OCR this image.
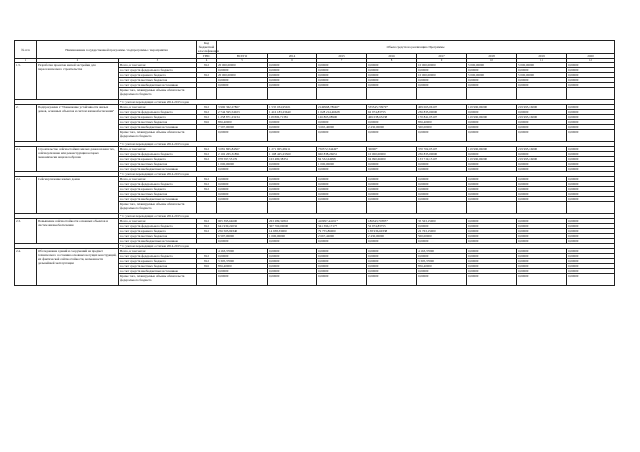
№ п/п	Наименование государственной программы / подпрограммы / мероприятия		Код бюджетной классификации	Объем средств на реализацию Программы							
			ГРБС	ВСЕГО	2014	2015	2016	2017	2018	2019	2020
1	2	3	4	5	6	7	8	9	10	11	12
1.5.	Разработка проектов жилой застройки для переселенческого строительства	Всего, в том числе:	812	20 000,00000	0,00000	0,00000	0,00000	10 000,00000	5 000,00000	5 000,00000	0,00000
		за счет средств федерального бюджета		0,00000	0,00000	0,00000	0,00000	0,00000	0,00000	0,00000	0,00000
		за счет средств краевого бюджета	812	20 000,00000	0,00000	0,00000	0,00000	10 000,00000	5 000,00000	5 000,00000	0,00000
		за счет средств местных бюджетов		0,00000	0,00000	0,00000	0,00000	0,00000	0,00000	0,00000	0,00000
		за счет средств внебюджетных источников		0,00000	0,00000	0,00000	0,00000	0,00000	0,00000	0,00000	0,00000
		Кроме того, планируемые объемы обязательств федерального бюджета									
		* С учетом переходящих остатков 2014-2015 годов									
2.	Подпрограмма 2 "Повышение устойчивости жилых домов, основных объектов и систем жизнеобеспечения"	Всего, в том числе:	812	3 990 362,27867	1 535 034,95021	2149968,78640*	535545,70979*	409 063,06107	119 990,06000	219 995,16000	0,00000
		за счет средств федерального бюджета	812	2 744 595,54023	1 416 183,23640	1 028 214,46628	62 974,83755	236 835,00000	0,00000	0,00000	0,00000
		за счет средств краевого бюджета	812	1 258 871,23234	118 806,71381	126 865,08900	469 038,63238	170 841,05107	119 990,06000	219 995,16000	0,00000
		за счет средств местных бюджетов	816	856,40000	0,00000	0,00000	0,00000	856,40000	0,00000	0,00000	0,00000
		за счет средств внебюджетных источников		7 597,00000	0,00000	3 665,40000	2 430,00000	500,00000	0,00000	0,00000	0,00000
		Кроме того, планируемые объемы обязательств федерального бюджета		0,00000	0,00000	0,00000	0,00000	0,00000	0,00000	0,00000	0,00000
		* С учетом переходящих остатков 2014-2015 годов									
2.1.	Строительство сейсмостойких жилых домов взамен тех, сейсмоусиление или реконструкция которых экономически нецелесообразна	Всего, в том числе:	812	3 081 865,84367	1 271 905,68211	750372,34449*	30000*	370 702,05107	119 990,06000	219 995,16000	0,00000
		за счет средств федерального бюджета	812	2 102 265,31891	1 108 425,23360	660 838,26651	10 000,00000	236 835,00000	0,00000	0,00000	0,00000
		за счет средств краевого бюджета	812	978 597,55176	163 480,38351	84 532,64998	94 990,66000	133 719,15107	119 990,06000	219 995,16000	0,00000
		за счет средств местных бюджетов		1 000,00000	0,00000	1 000,00000	0,00000	0,00000	0,00000	0,00000	0,00000
		за счет средств внебюджетных источников		0,00000	0,00000	0,00000	0,00000	0,00000	0,00000	0,00000	0,00000
		* С учетом переходящих остатков 2014-2015 годов									
2.2.	Сейсмоусиление жилых домов	Всего, в том числе:	812	0,00000	0,00000	0,00000	0,00000	0,00000	0,00000	0,00000	0,00000
		за счет средств федерального бюджета	812	0,00000	0,00000	0,00000	0,00000	0,00000	0,00000	0,00000	0,00000
		за счет средств краевого бюджета	812	0,00000	0,00000	0,00000	0,00000	0,00000	0,00000	0,00000	0,00000
		за счет средств местных бюджетов		0,00000	0,00000	0,00000	0,00000	0,00000	0,00000	0,00000	0,00000
		за счет средств внебюджетных источников		0,00000	0,00000	0,00000	0,00000	0,00000	0,00000	0,00000	0,00000
		Кроме того, планируемые объемы обязательств федерального бюджета									
		* С учетом переходящих остатков 2014-2015 годов									
2.3.	Повышение сейсмостойкости основных объектов и систем жизнеобеспечения	Всего, в том числе:	812	905 395,64600	263 289,32810	410997,44191*	186343,70385*	35 563,15000	0,00000	0,00000	0,00000
		за счет средств федерального бюджета	812	641 930,22032	307 760,00000	341 396,17177	52 974,83755	0,00000	0,00000	0,00000	0,00000
		за счет средств краевого бюджета	812	256 503,99340	14 938,33000	79 755,86000	138 936,60338	22 763,15000	0,00000	0,00000	0,00000
		за счет средств местных бюджетов		6 597,00000	1 000,00000	2 667,42000	2 430,00000	500,00000	0,00000	0,00000	0,00000
		за счет средств внебюджетных источников		0,00000	0,00000	0,00000	0,00000	0,00000	0,00000	0,00000	0,00000
		* С учетом переходящих остатков 2014-2015 годов									
2.4.	Обследование зданий и сооружений на предмет технического состояния основных несущих конструкций, их фактической сейсмостойкости, возможности дальнейшей эксплуатации	Всего, в том числе:		4 163,37000	0,00000	0,00000	0,00000	4 163,37000	0,00000	0,00000	0,00000
		за счет средств федерального бюджета	812	0,00000	0,00000	0,00000	0,00000	0,00000	0,00000	0,00000	0,00000
		за счет средств краевого бюджета	812	3 305,37000	0,00000	0,00000	0,00000	3 305,37000	0,00000	0,00000	0,00000
		за счет средств местных бюджетов	816	856,40000	0,00000	0,00000	0,00000	856,40000	0,00000	0,00000	0,00000
		за счет средств внебюджетных источников		0,00000	0,00000	0,00000	0,00000	0,00000	0,00000	0,00000	0,00000
		Кроме того, планируемые объемы обязательств федерального бюджета		0,00000	0,00000	0,00000	0,00000	0,00000	0,00000	0,00000	0,00000
